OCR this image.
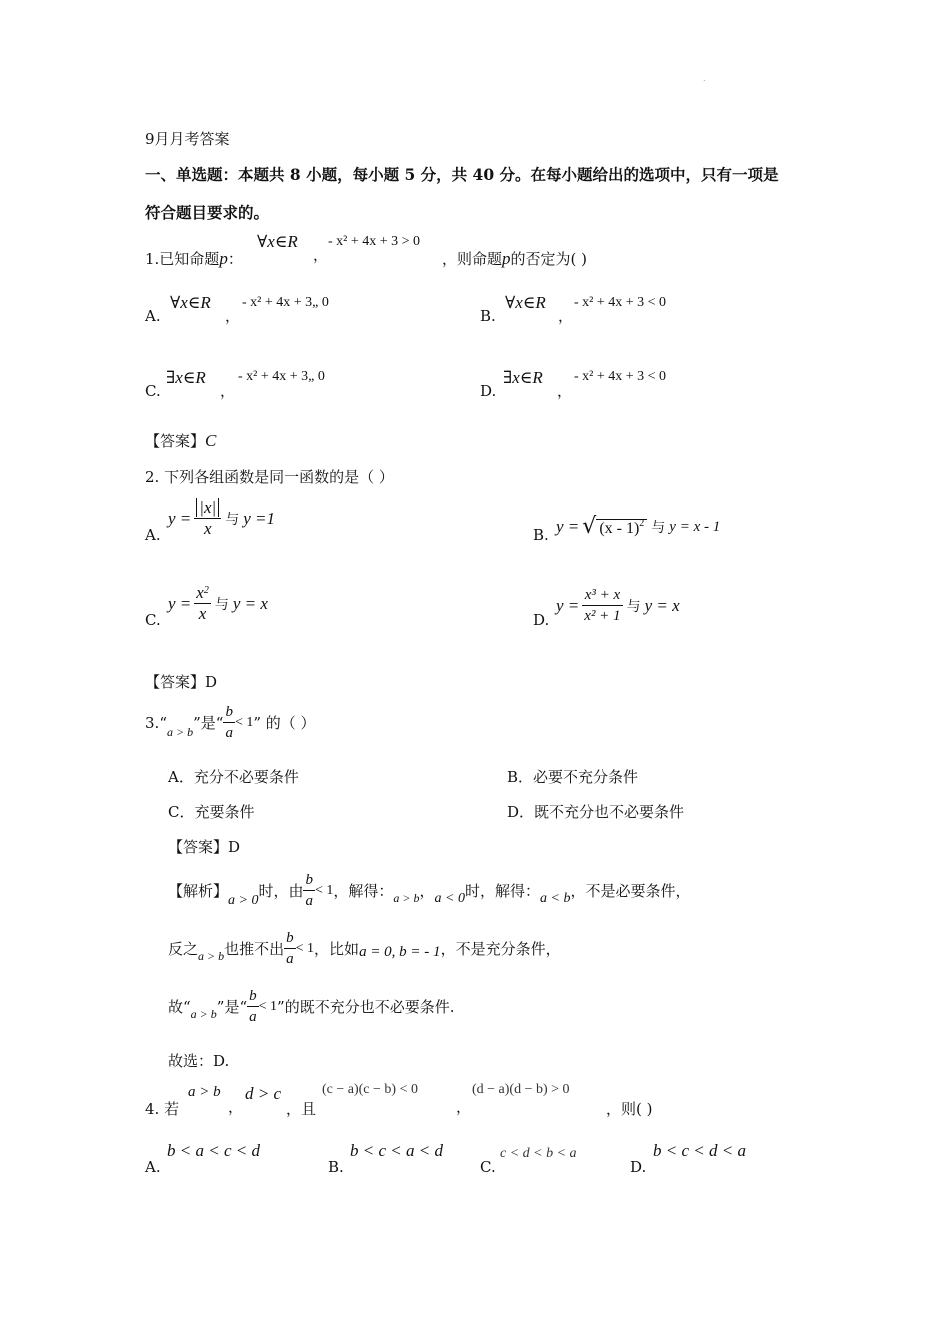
.
9月月考答案
一、单选题：本题共 8 小题，每小题 5 分，共 40 分。在每小题给出的选项中，只有一项是
符合题目要求的。
1.已知命题p：
∀x∈R
，
- x² + 4x + 3 > 0
，则命题p的否定为( )
A.
∀x∈R
，
- x² + 4x + 3„ 0
B.
∀x∈R
，
- x² + 4x + 3 < 0
C.
∃x∈R
，
- x² + 4x + 3„ 0
D.
∃x∈R
，
- x² + 4x + 3 < 0
【答案】C
2. 下列各组函数是同一函数的是（ ）
A.
$y = \frac{|x|}{x}$ 与 y =1
B. y = √ (x - 1)$^2$ 与 y = x - 1
C.
$y = \frac{x^2}{x}$ 与 y = x
D.
$y = \frac{\text{x³ + x}}{\text{x² + 1}}$ 与 y = x
【答案】D
3. “
a > b ”是“ $\frac{b}{a} < 1$ ” 的（ ）
A．充分不必要条件	B．必要不充分条件
C．充要条件	D．既不充分也不必要条件
【答案】D
【解析】 a > 0 时，由 $\frac{b}{a} < 1$ ，解得： a > b ， a < 0 时，解得： a < b ，不是必要条件，
反之 a > b 也推不出 $\frac{b}{a} < 1$ ，比如 a = 0, b = - 1 ，不是充分条件，
故“ a > b ”是“ $\frac{b}{a} < 1$ ”的既不充分也不必要条件.
故选：D.
4. 若
a > b
，
d > c
，且
(c − a)(c − b) < 0
，
(d − a)(d − b) > 0
，则( )
A.
b < a < c < d
B.
b < c < a < d
C.
c < d < b < a
D.
b < c < d < a
